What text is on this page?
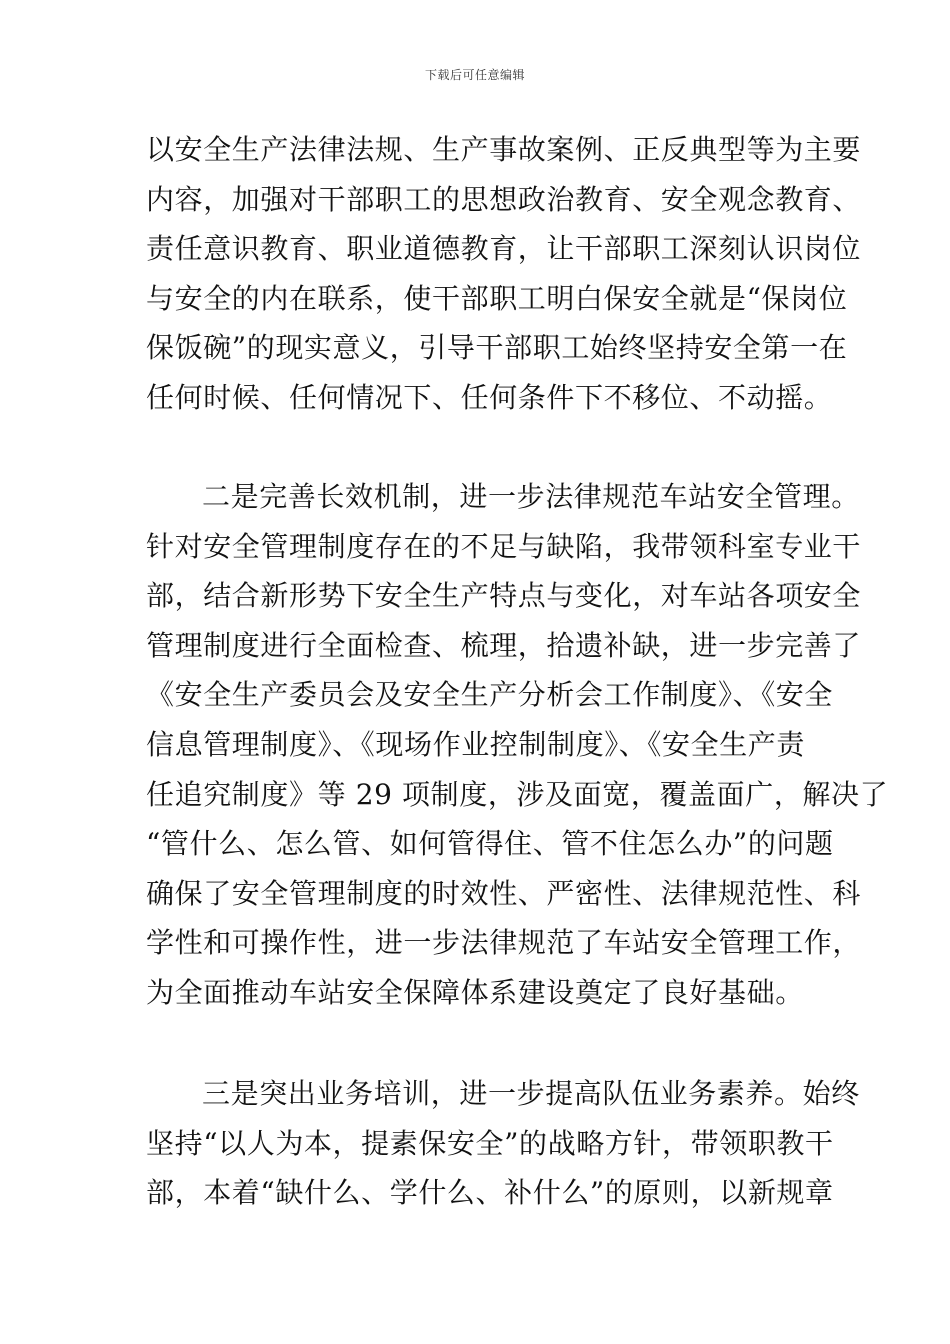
下载后可任意编辑
以安全生产法律法规、生产事故案例、正反典型等为主要
内容，加强对干部职工的思想政治教育、安全观念教育、
责任意识教育、职业道德教育，让干部职工深刻认识岗位
与安全的内在联系，使干部职工明白保安全就是“保岗位
保饭碗”的现实意义，引导干部职工始终坚持安全第一在
任何时候、任何情况下、任何条件下不移位、不动摇。
二是完善长效机制，进一步法律规范车站安全管理。
针对安全管理制度存在的不足与缺陷，我带领科室专业干
部，结合新形势下安全生产特点与变化，对车站各项安全
管理制度进行全面检查、梳理，拾遗补缺，进一步完善了
《安全生产委员会及安全生产分析会工作制度》、《安全
信息管理制度》、《现场作业控制制度》、《安全生产责
任追究制度》等 29 项制度，涉及面宽，覆盖面广，解决了
“管什么、怎么管、如何管得住、管不住怎么办”的问题
确保了安全管理制度的时效性、严密性、法律规范性、科
学性和可操作性，进一步法律规范了车站安全管理工作，
为全面推动车站安全保障体系建设奠定了良好基础。
三是突出业务培训，进一步提高队伍业务素养。始终
坚持“以人为本，提素保安全”的战略方针，带领职教干
部，本着“缺什么、学什么、补什么”的原则，以新规章
